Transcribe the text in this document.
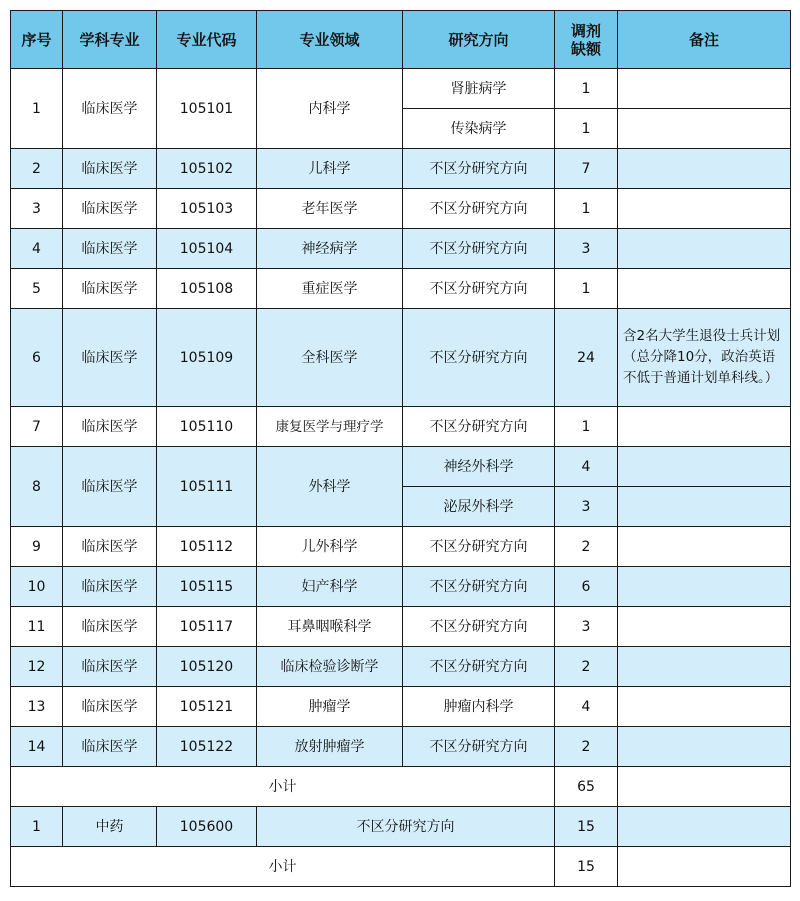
序号	学科专业	专业代码	专业领域	研究方向	调剂缺额	备注
1	临床医学	105101	内科学	肾脏病学	1	
				传染病学	1	
2	临床医学	105102	儿科学	不区分研究方向	7	
3	临床医学	105103	老年医学	不区分研究方向	1	
4	临床医学	105104	神经病学	不区分研究方向	3	
5	临床医学	105108	重症医学	不区分研究方向	1	
6	临床医学	105109	全科医学	不区分研究方向	24	含2名大学生退役士兵计划（总分降10分，政治英语不低于普通计划单科线。）
7	临床医学	105110	康复医学与理疗学	不区分研究方向	1	
8	临床医学	105111	外科学	神经外科学	4	
				泌尿外科学	3	
9	临床医学	105112	儿外科学	不区分研究方向	2	
10	临床医学	105115	妇产科学	不区分研究方向	6	
11	临床医学	105117	耳鼻咽喉科学	不区分研究方向	3	
12	临床医学	105120	临床检验诊断学	不区分研究方向	2	
13	临床医学	105121	肿瘤学	肿瘤内科学	4	
14	临床医学	105122	放射肿瘤学	不区分研究方向	2	
小计					65	
1	中药	105600	不区分研究方向		15	
小计					15	
